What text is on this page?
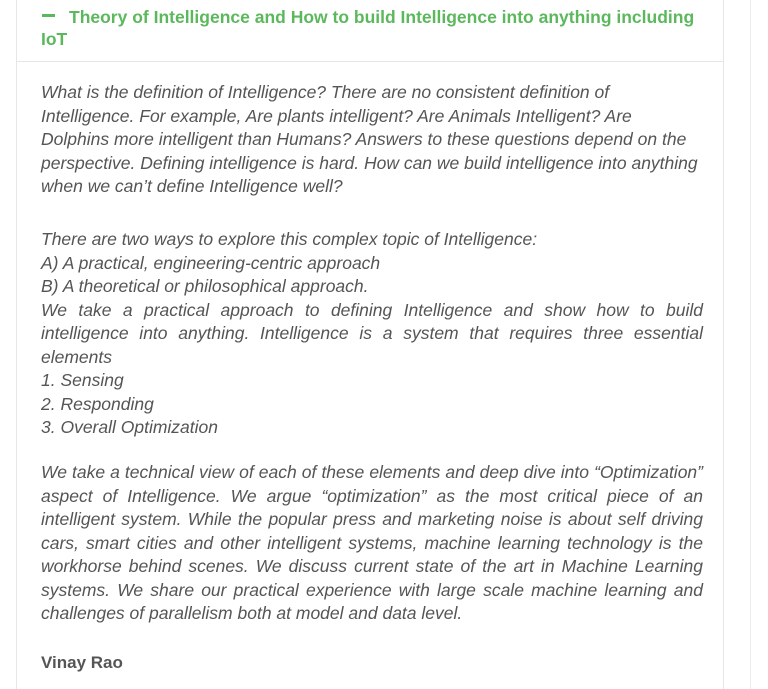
Theory of Intelligence and How to build Intelligence into anything including IoT

What is the definition of Intelligence? There are no consistent definition of Intelligence. For example, Are plants intelligent? Are Animals Intelligent? Are Dolphins more intelligent than Humans? Answers to these questions depend on the perspective. Defining intelligence is hard. How can we build intelligence into anything when we can’t define Intelligence well?

There are two ways to explore this complex topic of Intelligence:
A) A practical, engineering-centric approach
B) A theoretical or philosophical approach.
We take a practical approach to defining Intelligence and show how to build intelligence into anything. Intelligence is a system that requires three essential elements
1. Sensing
2. Responding
3. Overall Optimization

We take a technical view of each of these elements and deep dive into “Optimization” aspect of Intelligence. We argue “optimization” as the most critical piece of an intelligent system. While the popular press and marketing noise is about self driving cars, smart cities and other intelligent systems, machine learning technology is the workhorse behind scenes. We discuss current state of the art in Machine Learning systems. We share our practical experience with large scale machine learning and challenges of parallelism both at model and data level.

Vinay Rao
